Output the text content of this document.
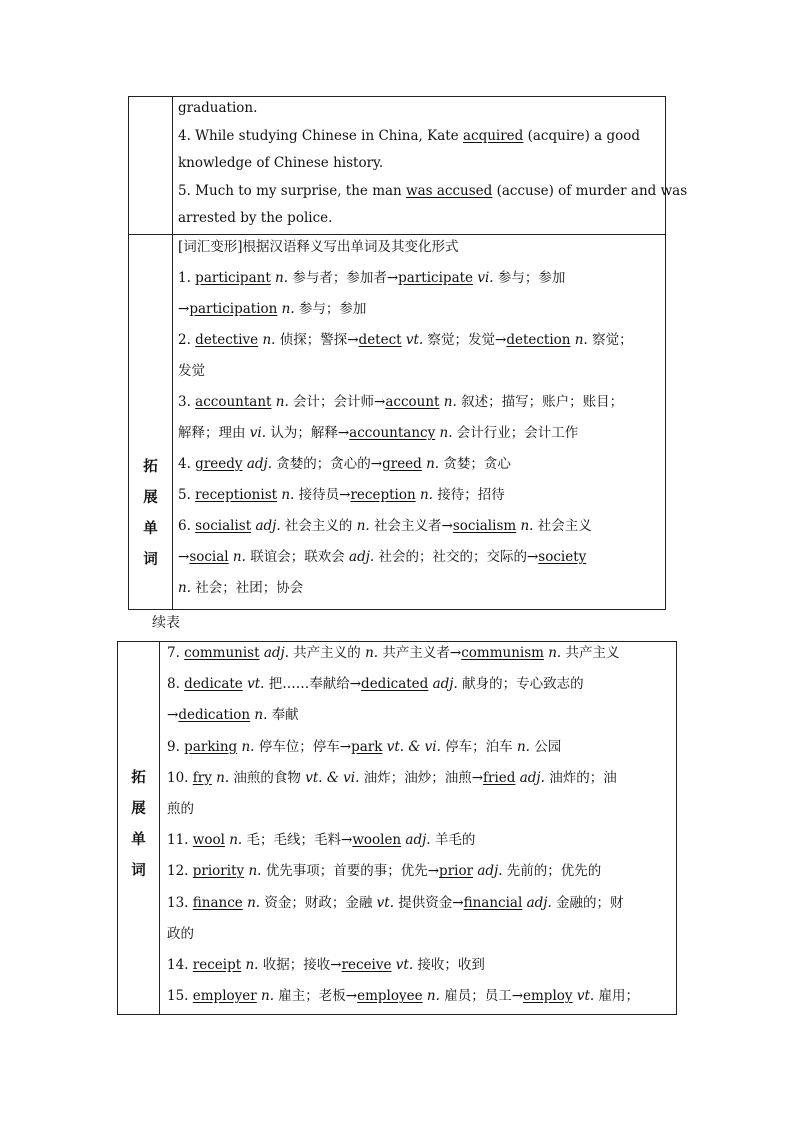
拓
展
单
词
graduation.
4. While studying Chinese in China, Kate acquired (acquire) a good
knowledge of Chinese history.
5. Much to my surprise, the man was accused (accuse) of murder and was
arrested by the police.
[词汇变形]根据汉语释义写出单词及其变化形式
1. participant n. 参与者；参加者→participate vi. 参与；参加
→participation n. 参与；参加
2. detective n. 侦探；警探→detect vt. 察觉；发觉→detection n. 察觉；
发觉
3. accountant n. 会计；会计师→account n. 叙述；描写；账户；账目；
解释；理由 vi. 认为；解释→accountancy n. 会计行业；会计工作
4. greedy adj. 贪婪的；贪心的→greed n. 贪婪；贪心
5. receptionist n. 接待员→reception n. 接待；招待
6. socialist adj. 社会主义的 n. 社会主义者→socialism n. 社会主义
→social n. 联谊会；联欢会 adj. 社会的；社交的；交际的→society
n. 社会；社团；协会
续表
拓
展
单
词
7. communist adj. 共产主义的 n. 共产主义者→communism n. 共产主义
8. dedicate vt. 把……奉献给→dedicated adj. 献身的；专心致志的
→dedication n. 奉献
9. parking n. 停车位；停车→park vt. & vi. 停车；泊车 n. 公园
10. fry n. 油煎的食物 vt. & vi. 油炸；油炒；油煎→fried adj. 油炸的；油
煎的
11. wool n. 毛；毛线；毛料→woolen adj. 羊毛的
12. priority n. 优先事项；首要的事；优先→prior adj. 先前的；优先的
13. finance n. 资金；财政；金融 vt. 提供资金→financial adj. 金融的；财
政的
14. receipt n. 收据；接收→receive vt. 接收；收到
15. employer n. 雇主；老板→employee n. 雇员；员工→employ vt. 雇用；
